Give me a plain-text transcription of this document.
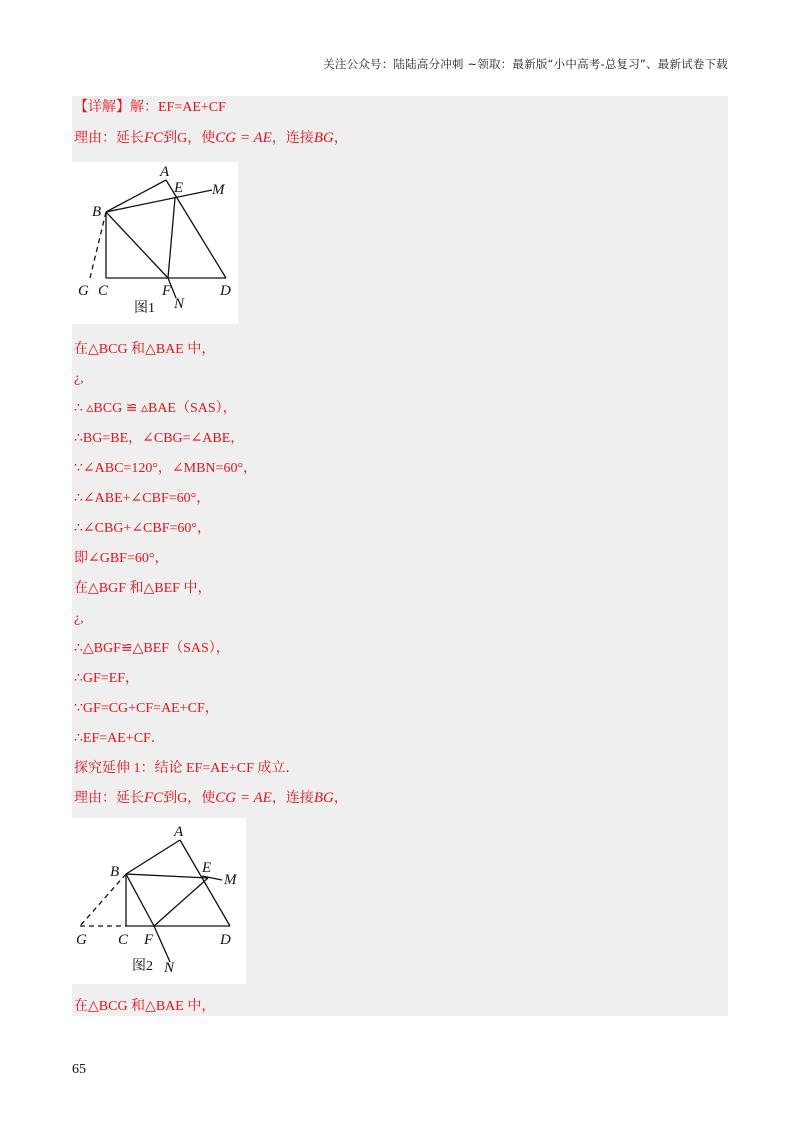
关注公众号：陆陆高分冲刺 ~领取：最新版“小中高考-总复习”、最新试卷下载
【详解】解：EF=AE+CF
理由：延长FC到G，使CG = AE，连接BG，
A
B
C	D
E
F
G
M
N
图1
在△BCG 和△BAE 中，
¿,
∴ ▵BCG ≌ ▵BAE（SAS），
∴BG=BE，∠CBG=∠ABE，
∵∠ABC=120°，∠MBN=60°，
∴∠ABE+∠CBF=60°，
∴∠CBG+∠CBF=60°，
即∠GBF=60°，
在△BGF 和△BEF 中，
¿,
∴△BGF≌△BEF（SAS），
∴GF=EF，
∵GF=CG+CF=AE+CF，
∴EF=AE+CF．
探究延伸 1：结论 EF=AE+CF 成立．
理由：延长FC到G，使CG = AE，连接BG，
A
B
C	D
E
F
G
M
N
图2
在△BCG 和△BAE 中，
65
